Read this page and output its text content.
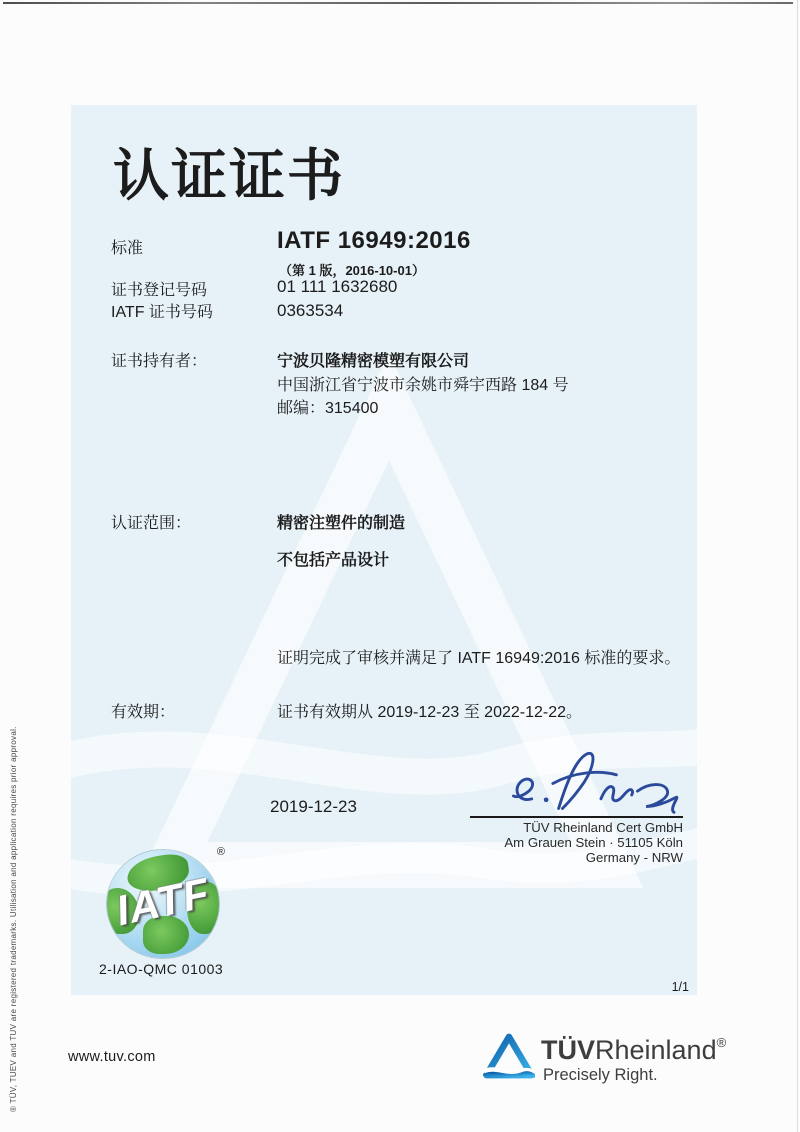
® TÜV, TUEV and TUV are registered trademarks. Utilisation and application requires prior approval.
认证证书
标准	IATF 16949:2016
（第 1 版，2016-10-01）
证书登记号码	01 111 1632680
IATF 证书号码	0363534
证书持有者：	宁波贝隆精密模塑有限公司
中国浙江省宁波市余姚市舜宇西路 184 号
邮编：315400
认证范围：	精密注塑件的制造
不包括产品设计
证明完成了审核并满足了 IATF 16949:2016 标准的要求。
有效期：	证书有效期从 2019-12-23 至 2022-12-22。
2019-12-23
TÜV Rheinland Cert GmbH
Am Grauen Stein · 51105 Köln
Germany - NRW
IATF
®
2-IAO-QMC 01003
1/1
www.tuv.com	TÜVRheinland®
Precisely Right.
